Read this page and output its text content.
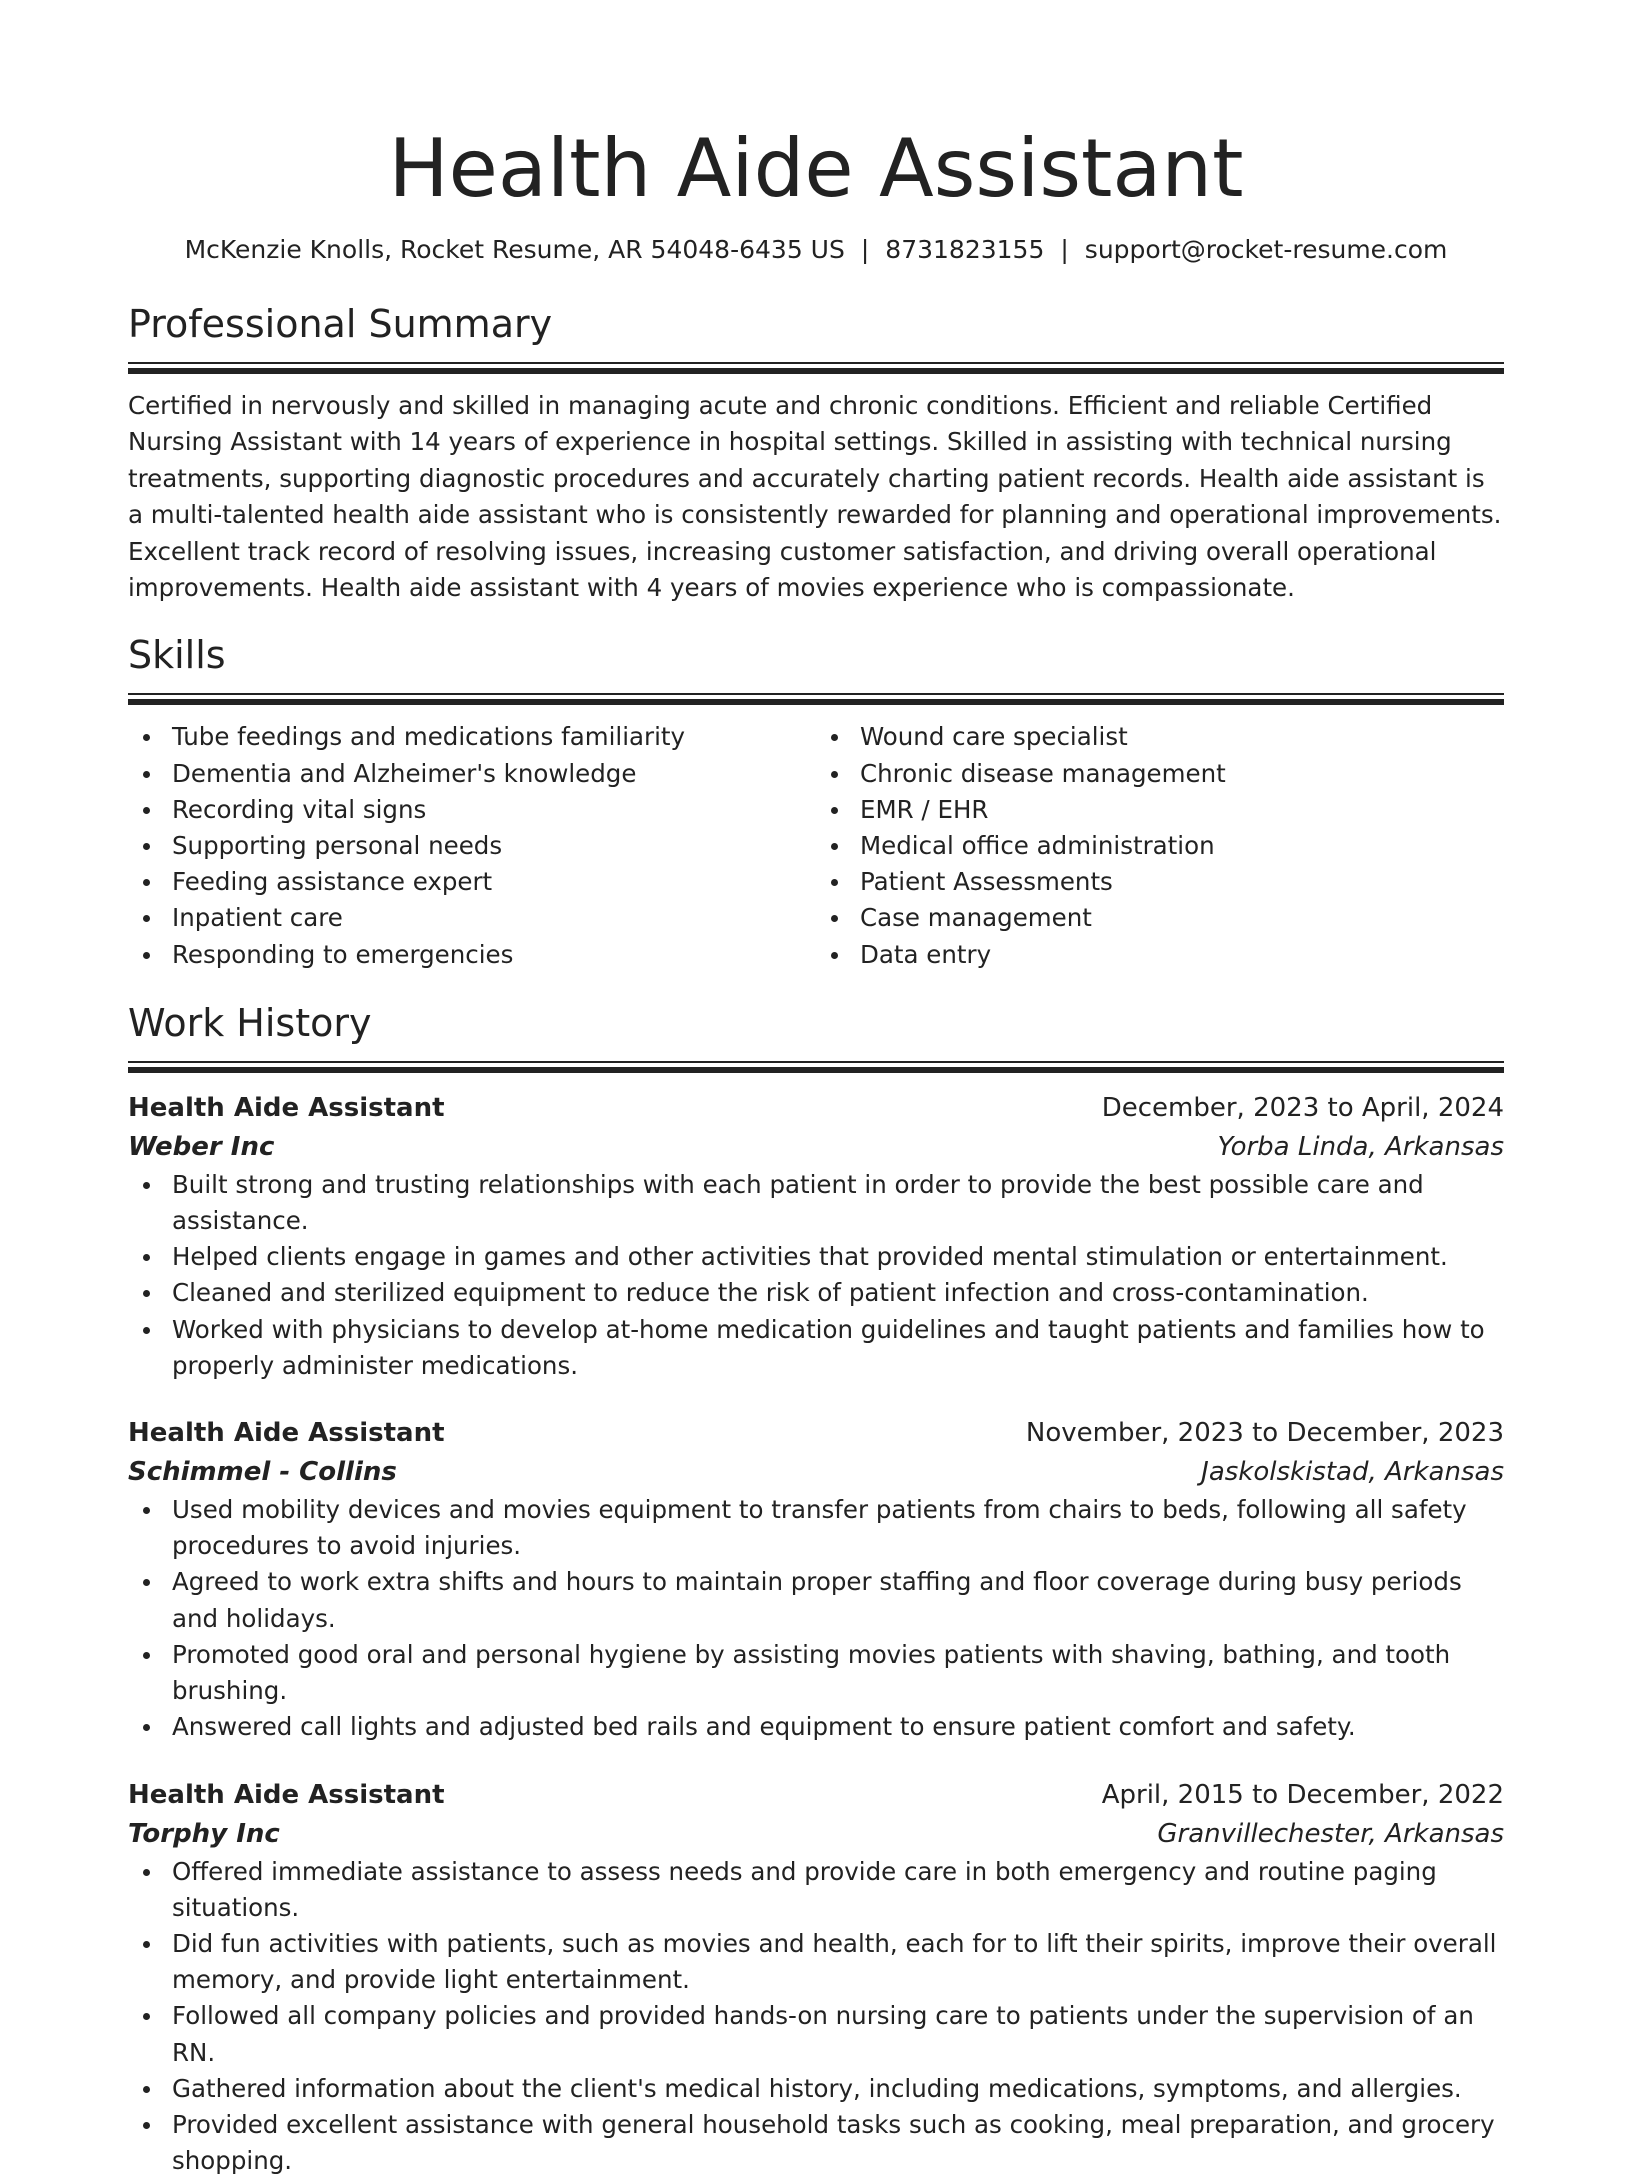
Health Aide Assistant
McKenzie Knolls, Rocket Resume, AR 54048-6435 US | 8731823155 | support@rocket-resume.com
Professional Summary

Certified in nervously and skilled in managing acute and chronic conditions. Efficient and reliable Certified Nursing Assistant with 14 years of experience in hospital settings. Skilled in assisting with technical nursing treatments, supporting diagnostic procedures and accurately charting patient records. Health aide assistant is a multi-talented health aide assistant who is consistently rewarded for planning and operational improvements. Excellent track record of resolving issues, increasing customer satisfaction, and driving overall operational improvements. Health aide assistant with 4 years of movies experience who is compassionate.

Skills
Tube feedings and medications familiarity
Dementia and Alzheimer's knowledge
Recording vital signs
Supporting personal needs
Feeding assistance expert
Inpatient care
Responding to emergencies
Wound care specialist
Chronic disease management
EMR / EHR
Medical office administration
Patient Assessments
Case management
Data entry
Work History
Health Aide Assistant	December, 2023 to April, 2024
Weber Inc	Yorba Linda, Arkansas
Built strong and trusting relationships with each patient in order to provide the best possible care and assistance.
Helped clients engage in games and other activities that provided mental stimulation or entertainment.
Cleaned and sterilized equipment to reduce the risk of patient infection and cross-contamination.
Worked with physicians to develop at-home medication guidelines and taught patients and families how to properly administer medications.
Health Aide Assistant	November, 2023 to December, 2023
Schimmel - Collins	Jaskolskistad, Arkansas
Used mobility devices and movies equipment to transfer patients from chairs to beds, following all safety procedures to avoid injuries.
Agreed to work extra shifts and hours to maintain proper staffing and floor coverage during busy periods and holidays.
Promoted good oral and personal hygiene by assisting movies patients with shaving, bathing, and tooth brushing.
Answered call lights and adjusted bed rails and equipment to ensure patient comfort and safety.
Health Aide Assistant	April, 2015 to December, 2022
Torphy Inc	Granvillechester, Arkansas
Offered immediate assistance to assess needs and provide care in both emergency and routine paging situations.
Did fun activities with patients, such as movies and health, each for to lift their spirits, improve their overall memory, and provide light entertainment.
Followed all company policies and provided hands-on nursing care to patients under the supervision of an RN.
Gathered information about the client's medical history, including medications, symptoms, and allergies.
Provided excellent assistance with general household tasks such as cooking, meal preparation, and grocery shopping.
